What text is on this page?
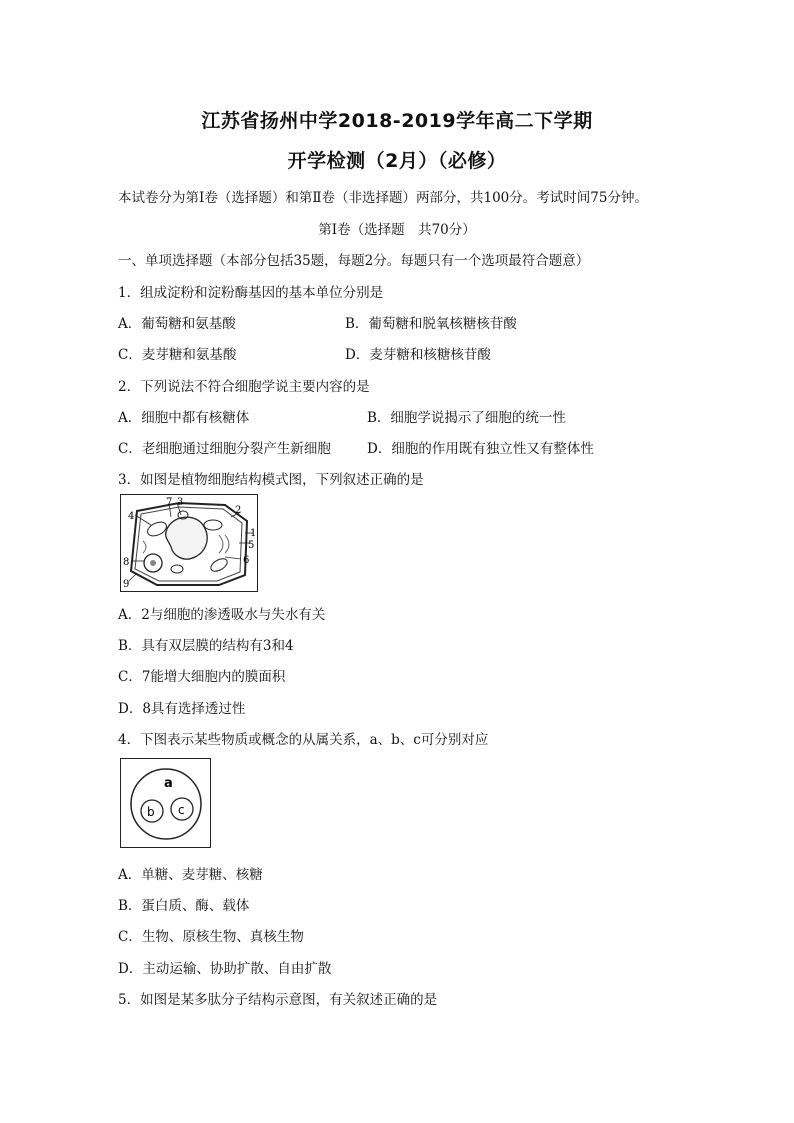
江苏省扬州中学2018-2019学年高二下学期
开学检测（2月）（必修）
本试卷分为第Ⅰ卷（选择题）和第Ⅱ卷（非选择题）两部分，共100分。考试时间75分钟。
第Ⅰ卷（选择题　共70分）
一、单项选择题（本部分包括35题，每题2分。每题只有一个选项最符合题意）
1．组成淀粉和淀粉酶基因的基本单位分别是
A．葡萄糖和氨基酸	B．葡萄糖和脱氧核糖核苷酸
C．麦芽糖和氨基酸	D．麦芽糖和核糖核苷酸
2．下列说法不符合细胞学说主要内容的是
A．细胞中都有核糖体	B．细胞学说揭示了细胞的统一性
C．老细胞通过细胞分裂产生新细胞	D．细胞的作用既有独立性又有整体性
3．如图是植物细胞结构模式图，下列叙述正确的是
1
2
3
4
5
6
7
8
9
A．2与细胞的渗透吸水与失水有关
B．具有双层膜的结构有3和4
C．7能增大细胞内的膜面积
D．8具有选择透过性
4．下图表示某些物质或概念的从属关系，a、b、c可分别对应
a
b c
A．单糖、麦芽糖、核糖
B．蛋白质、酶、载体
C．生物、原核生物、真核生物
D．主动运输、协助扩散、自由扩散
5．如图是某多肽分子结构示意图，有关叙述正确的是
